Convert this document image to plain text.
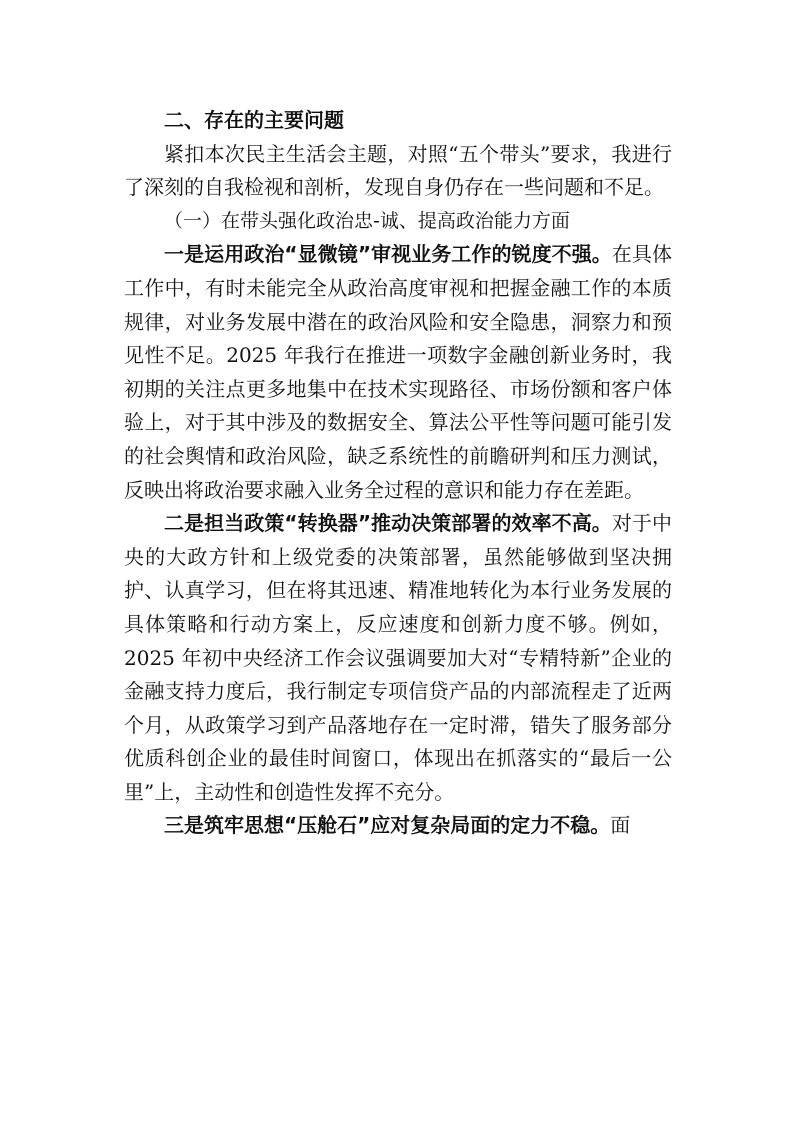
二、存在的主要问题

紧扣本次民主生活会主题，对照“五个带头”要求，我进行了深刻的自我检视和剖析，发现自身仍存在一些问题和不足。

（一）在带头强化政治忠-诚、提高政治能力方面

一是运用政治“显微镜”审视业务工作的锐度不强。在具体工作中，有时未能完全从政治高度审视和把握金融工作的本质规律，对业务发展中潜在的政治风险和安全隐患，洞察力和预见性不足。2025 年我行在推进一项数字金融创新业务时，我初期的关注点更多地集中在技术实现路径、市场份额和客户体验上，对于其中涉及的数据安全、算法公平性等问题可能引发的社会舆情和政治风险，缺乏系统性的前瞻研判和压力测试，反映出将政治要求融入业务全过程的意识和能力存在差距。

二是担当政策“转换器”推动决策部署的效率不高。对于中央的大政方针和上级党委的决策部署，虽然能够做到坚决拥护、认真学习，但在将其迅速、精准地转化为本行业务发展的具体策略和行动方案上，反应速度和创新力度不够。例如，2025 年初中央经济工作会议强调要加大对“专精特新”企业的金融支持力度后，我行制定专项信贷产品的内部流程走了近两个月，从政策学习到产品落地存在一定时滞，错失了服务部分优质科创企业的最佳时间窗口，体现出在抓落实的“最后一公里”上，主动性和创造性发挥不充分。

三是筑牢思想“压舱石”应对复杂局面的定力不稳。面
